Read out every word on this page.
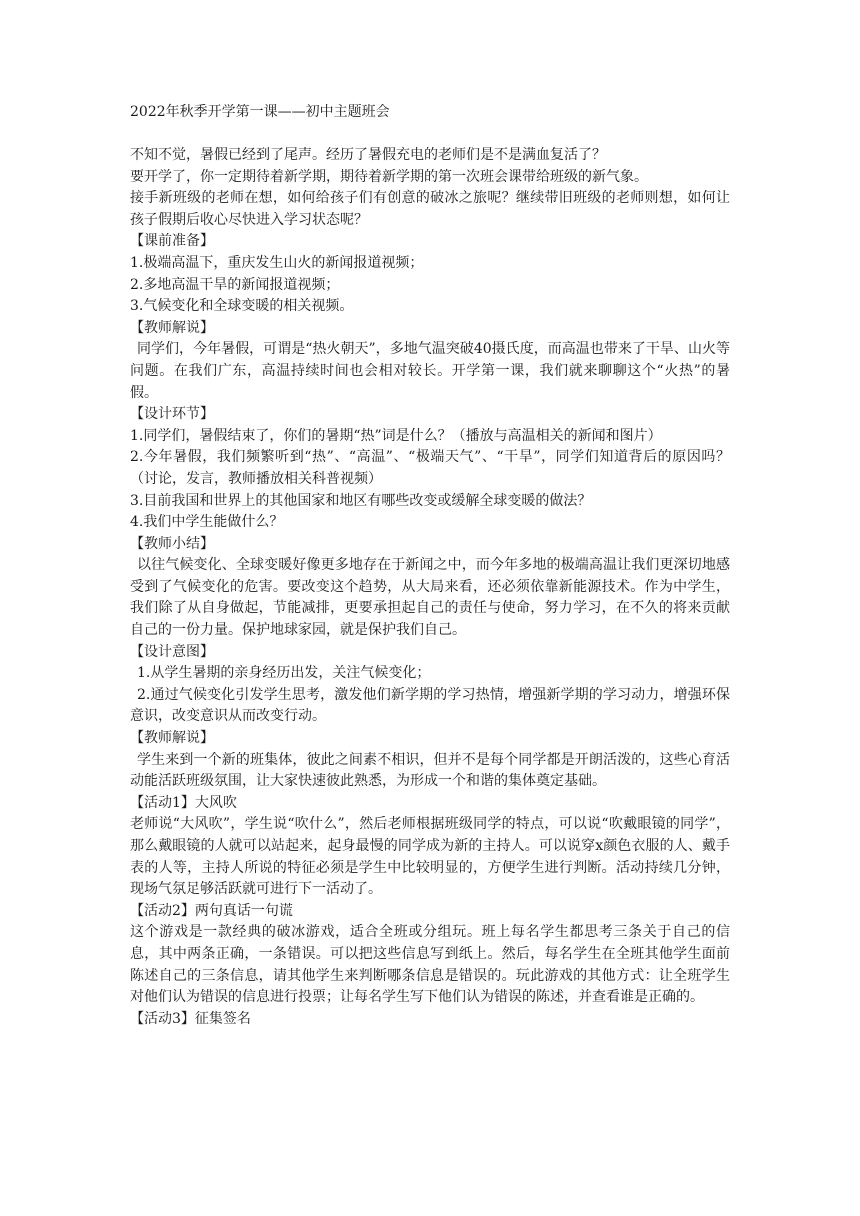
2022年秋季开学第一课——初中主题班会

不知不觉，暑假已经到了尾声。经历了暑假充电的老师们是不是满血复活了？

要开学了，你一定期待着新学期，期待着新学期的第一次班会课带给班级的新气象。

接手新班级的老师在想，如何给孩子们有创意的破冰之旅呢？继续带旧班级的老师则想，如何让孩子假期后收心尽快进入学习状态呢？

【课前准备】

1.极端高温下，重庆发生山火的新闻报道视频；

2.多地高温干旱的新闻报道视频；

3.气候变化和全球变暖的相关视频。

【教师解说】

同学们，今年暑假，可谓是“热火朝天”，多地气温突破40摄氏度，而高温也带来了干旱、山火等问题。在我们广东，高温持续时间也会相对较长。开学第一课，我们就来聊聊这个“火热”的暑假。

【设计环节】

1.同学们，暑假结束了，你们的暑期“热”词是什么？（播放与高温相关的新闻和图片）

2.今年暑假，我们频繁听到“热”、“高温”、“极端天气”、“干旱”，同学们知道背后的原因吗？（讨论，发言，教师播放相关科普视频）

3.目前我国和世界上的其他国家和地区有哪些改变或缓解全球变暖的做法？

4.我们中学生能做什么？

【教师小结】

以往气候变化、全球变暖好像更多地存在于新闻之中，而今年多地的极端高温让我们更深切地感受到了气候变化的危害。要改变这个趋势，从大局来看，还必须依靠新能源技术。作为中学生，我们除了从自身做起，节能减排，更要承担起自己的责任与使命，努力学习，在不久的将来贡献自己的一份力量。保护地球家园，就是保护我们自己。

【设计意图】

1.从学生暑期的亲身经历出发，关注气候变化；

2.通过气候变化引发学生思考，激发他们新学期的学习热情，增强新学期的学习动力，增强环保意识，改变意识从而改变行动。

【教师解说】

学生来到一个新的班集体，彼此之间素不相识，但并不是每个同学都是开朗活泼的，这些心育活动能活跃班级氛围，让大家快速彼此熟悉，为形成一个和谐的集体奠定基础。

【活动1】大风吹

老师说“大风吹”，学生说“吹什么”，然后老师根据班级同学的特点，可以说“吹戴眼镜的同学”，那么戴眼镜的人就可以站起来，起身最慢的同学成为新的主持人。可以说穿x颜色衣服的人、戴手表的人等，主持人所说的特征必须是学生中比较明显的，方便学生进行判断。活动持续几分钟，现场气氛足够活跃就可进行下一活动了。

【活动2】两句真话一句谎

这个游戏是一款经典的破冰游戏，适合全班或分组玩。班上每名学生都思考三条关于自己的信息，其中两条正确，一条错误。可以把这些信息写到纸上。然后，每名学生在全班其他学生面前陈述自己的三条信息，请其他学生来判断哪条信息是错误的。玩此游戏的其他方式：让全班学生对他们认为错误的信息进行投票；让每名学生写下他们认为错误的陈述，并查看谁是正确的。

【活动3】征集签名
